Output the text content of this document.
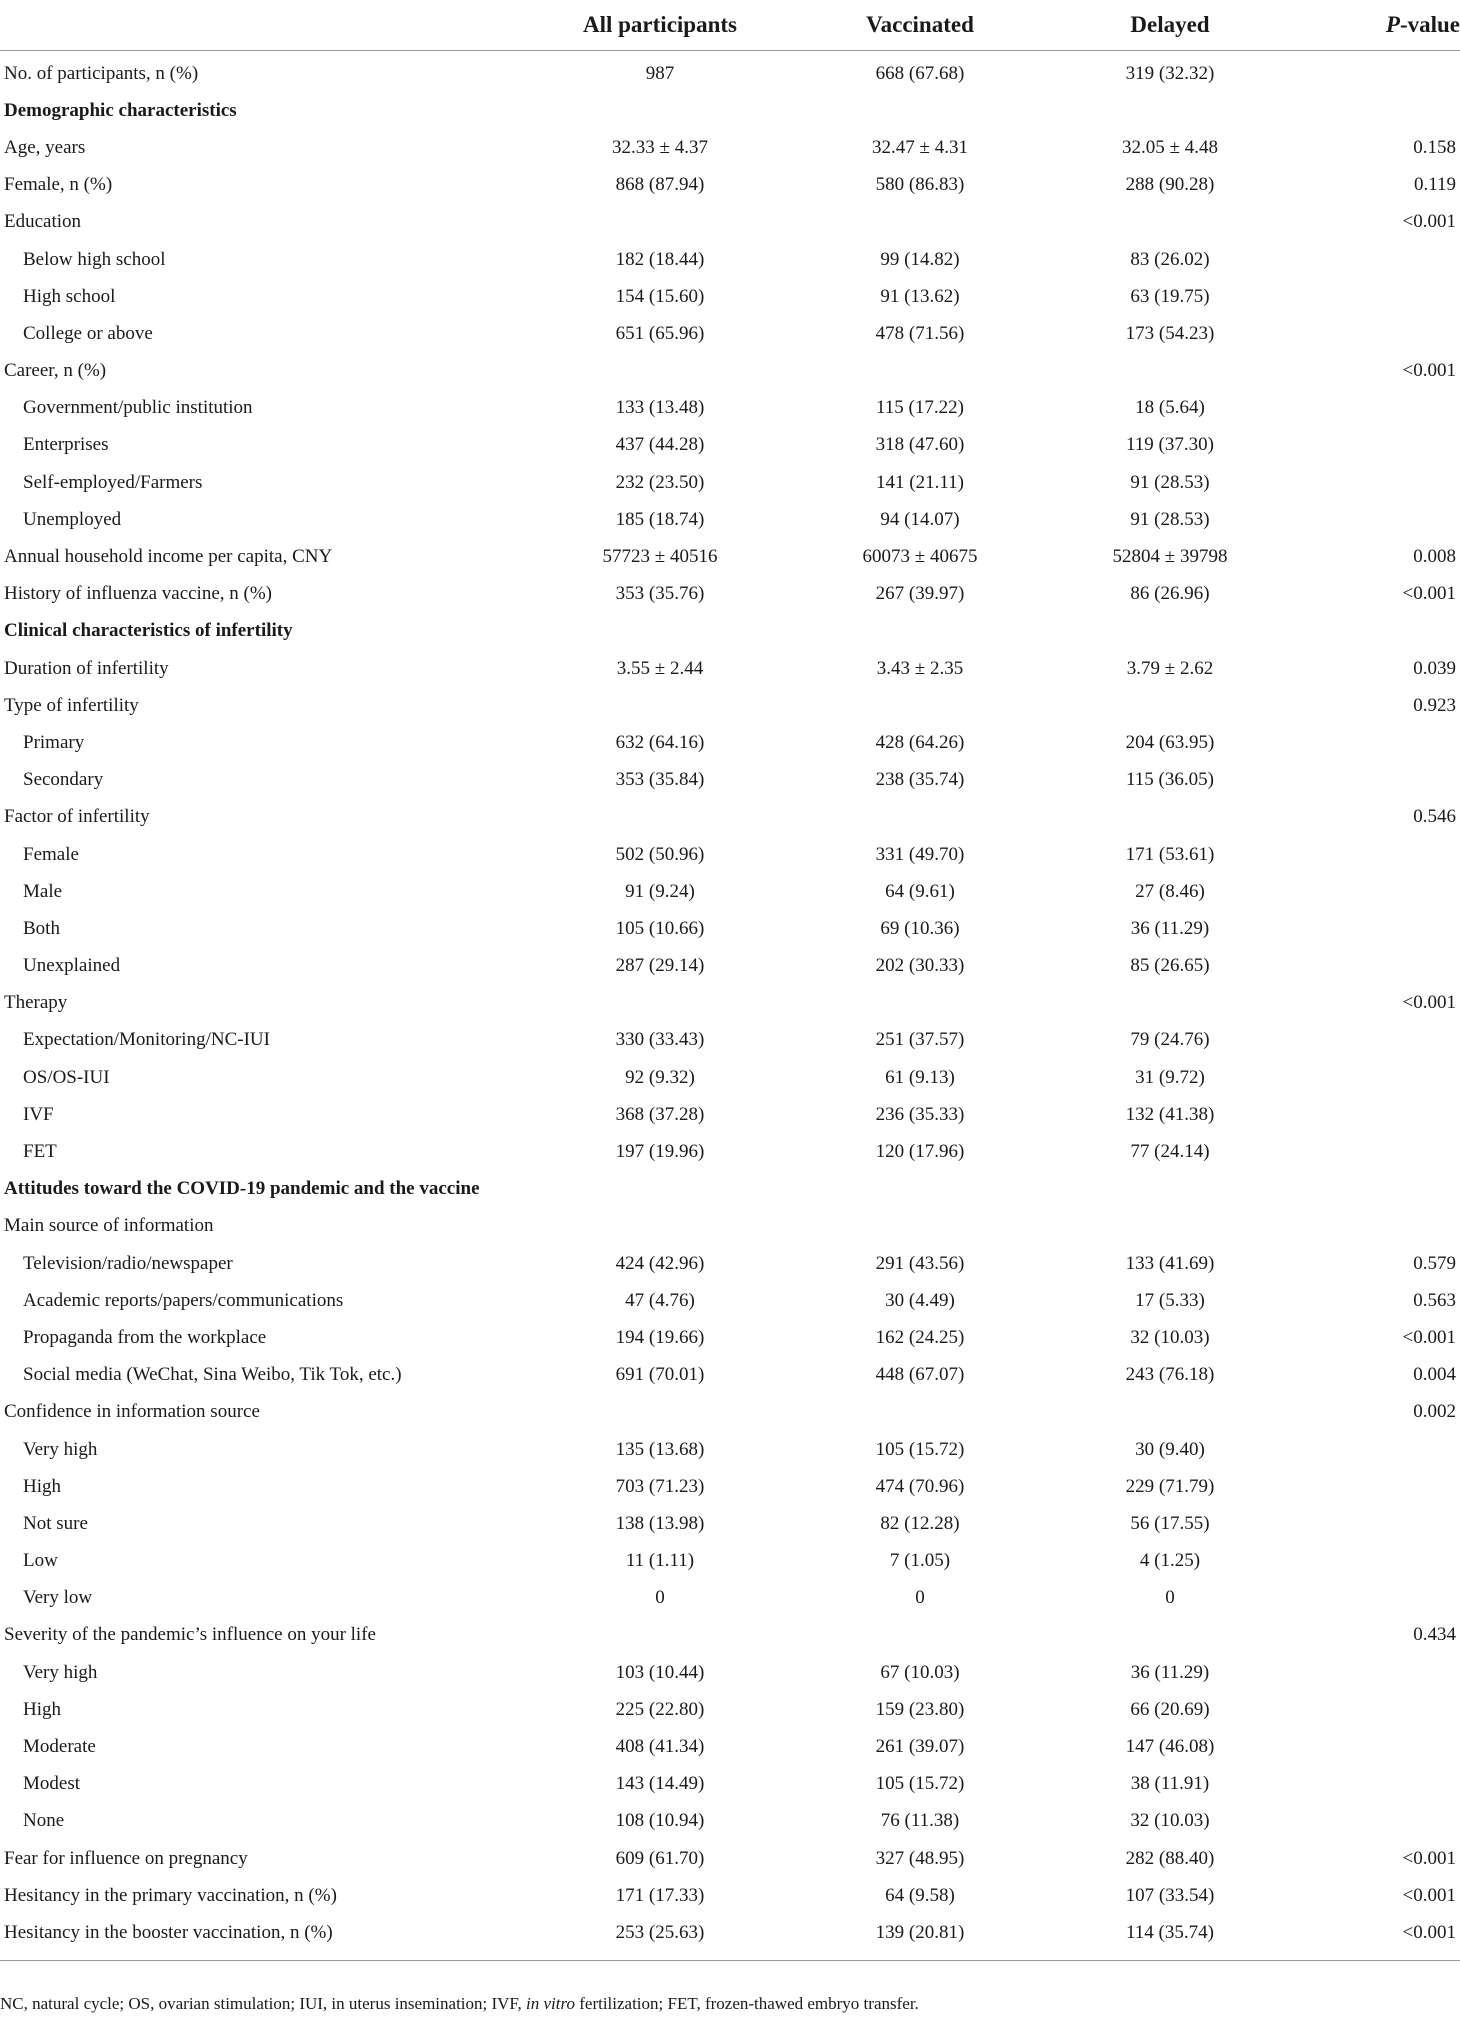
	All participants	Vaccinated	Delayed	P-value
No. of participants, n (%)	987	668 (67.68)	319 (32.32)	
Demographic characteristics				
Age, years	32.33 ± 4.37	32.47 ± 4.31	32.05 ± 4.48	0.158
Female, n (%)	868 (87.94)	580 (86.83)	288 (90.28)	0.119
Education				<0.001
Below high school	182 (18.44)	99 (14.82)	83 (26.02)	
High school	154 (15.60)	91 (13.62)	63 (19.75)	
College or above	651 (65.96)	478 (71.56)	173 (54.23)	
Career, n (%)				<0.001
Government/public institution	133 (13.48)	115 (17.22)	18 (5.64)	
Enterprises	437 (44.28)	318 (47.60)	119 (37.30)	
Self-employed/Farmers	232 (23.50)	141 (21.11)	91 (28.53)	
Unemployed	185 (18.74)	94 (14.07)	91 (28.53)	
Annual household income per capita, CNY	57723 ± 40516	60073 ± 40675	52804 ± 39798	0.008
History of influenza vaccine, n (%)	353 (35.76)	267 (39.97)	86 (26.96)	<0.001
Clinical characteristics of infertility				
Duration of infertility	3.55 ± 2.44	3.43 ± 2.35	3.79 ± 2.62	0.039
Type of infertility				0.923
Primary	632 (64.16)	428 (64.26)	204 (63.95)	
Secondary	353 (35.84)	238 (35.74)	115 (36.05)	
Factor of infertility				0.546
Female	502 (50.96)	331 (49.70)	171 (53.61)	
Male	91 (9.24)	64 (9.61)	27 (8.46)	
Both	105 (10.66)	69 (10.36)	36 (11.29)	
Unexplained	287 (29.14)	202 (30.33)	85 (26.65)	
Therapy				<0.001
Expectation/Monitoring/NC-IUI	330 (33.43)	251 (37.57)	79 (24.76)	
OS/OS-IUI	92 (9.32)	61 (9.13)	31 (9.72)	
IVF	368 (37.28)	236 (35.33)	132 (41.38)	
FET	197 (19.96)	120 (17.96)	77 (24.14)	
Attitudes toward the COVID-19 pandemic and the vaccine				
Main source of information				
Television/radio/newspaper	424 (42.96)	291 (43.56)	133 (41.69)	0.579
Academic reports/papers/communications	47 (4.76)	30 (4.49)	17 (5.33)	0.563
Propaganda from the workplace	194 (19.66)	162 (24.25)	32 (10.03)	<0.001
Social media (WeChat, Sina Weibo, Tik Tok, etc.)	691 (70.01)	448 (67.07)	243 (76.18)	0.004
Confidence in information source				0.002
Very high	135 (13.68)	105 (15.72)	30 (9.40)	
High	703 (71.23)	474 (70.96)	229 (71.79)	
Not sure	138 (13.98)	82 (12.28)	56 (17.55)	
Low	11 (1.11)	7 (1.05)	4 (1.25)	
Very low	0	0	0	
Severity of the pandemic’s influence on your life				0.434
Very high	103 (10.44)	67 (10.03)	36 (11.29)	
High	225 (22.80)	159 (23.80)	66 (20.69)	
Moderate	408 (41.34)	261 (39.07)	147 (46.08)	
Modest	143 (14.49)	105 (15.72)	38 (11.91)	
None	108 (10.94)	76 (11.38)	32 (10.03)	
Fear for influence on pregnancy	609 (61.70)	327 (48.95)	282 (88.40)	<0.001
Hesitancy in the primary vaccination, n (%)	171 (17.33)	64 (9.58)	107 (33.54)	<0.001
Hesitancy in the booster vaccination, n (%)	253 (25.63)	139 (20.81)	114 (35.74)	<0.001
NC, natural cycle; OS, ovarian stimulation; IUI, in uterus insemination; IVF, in vitro fertilization; FET, frozen-thawed embryo transfer.
